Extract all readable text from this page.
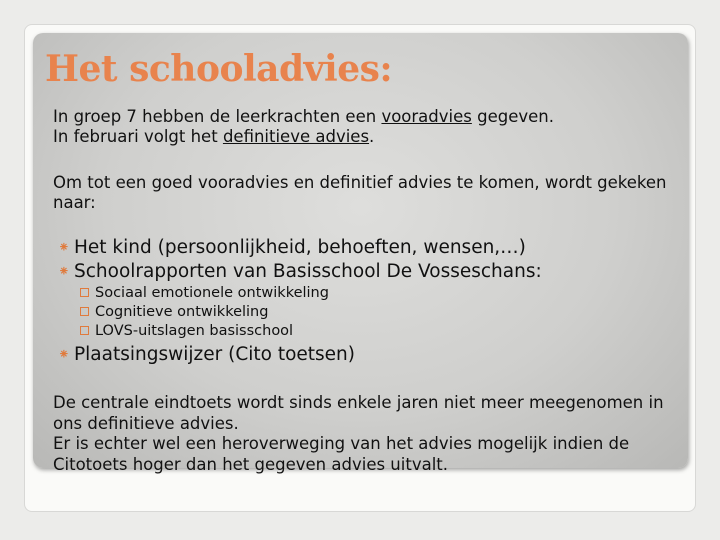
Het schooladvies:
In groep 7 hebben de leerkrachten een vooradvies gegeven.
In februari volgt het definitieve advies.
Om tot een goed vooradvies en definitief advies te komen, wordt gekeken naar:
⁕ Het kind (persoonlijkheid, behoeften, wensen,…)
⁕ Schoolrapporten van Basisschool De Vosseschans:
Sociaal emotionele ontwikkeling
Cognitieve ontwikkeling
LOVS-uitslagen basisschool
⁕ Plaatsingswijzer (Cito toetsen)
De centrale eindtoets wordt sinds enkele jaren niet meer meegenomen in ons definitieve advies.
Er is echter wel een heroverweging van het advies mogelijk indien de Citotoets hoger dan het gegeven advies uitvalt.
